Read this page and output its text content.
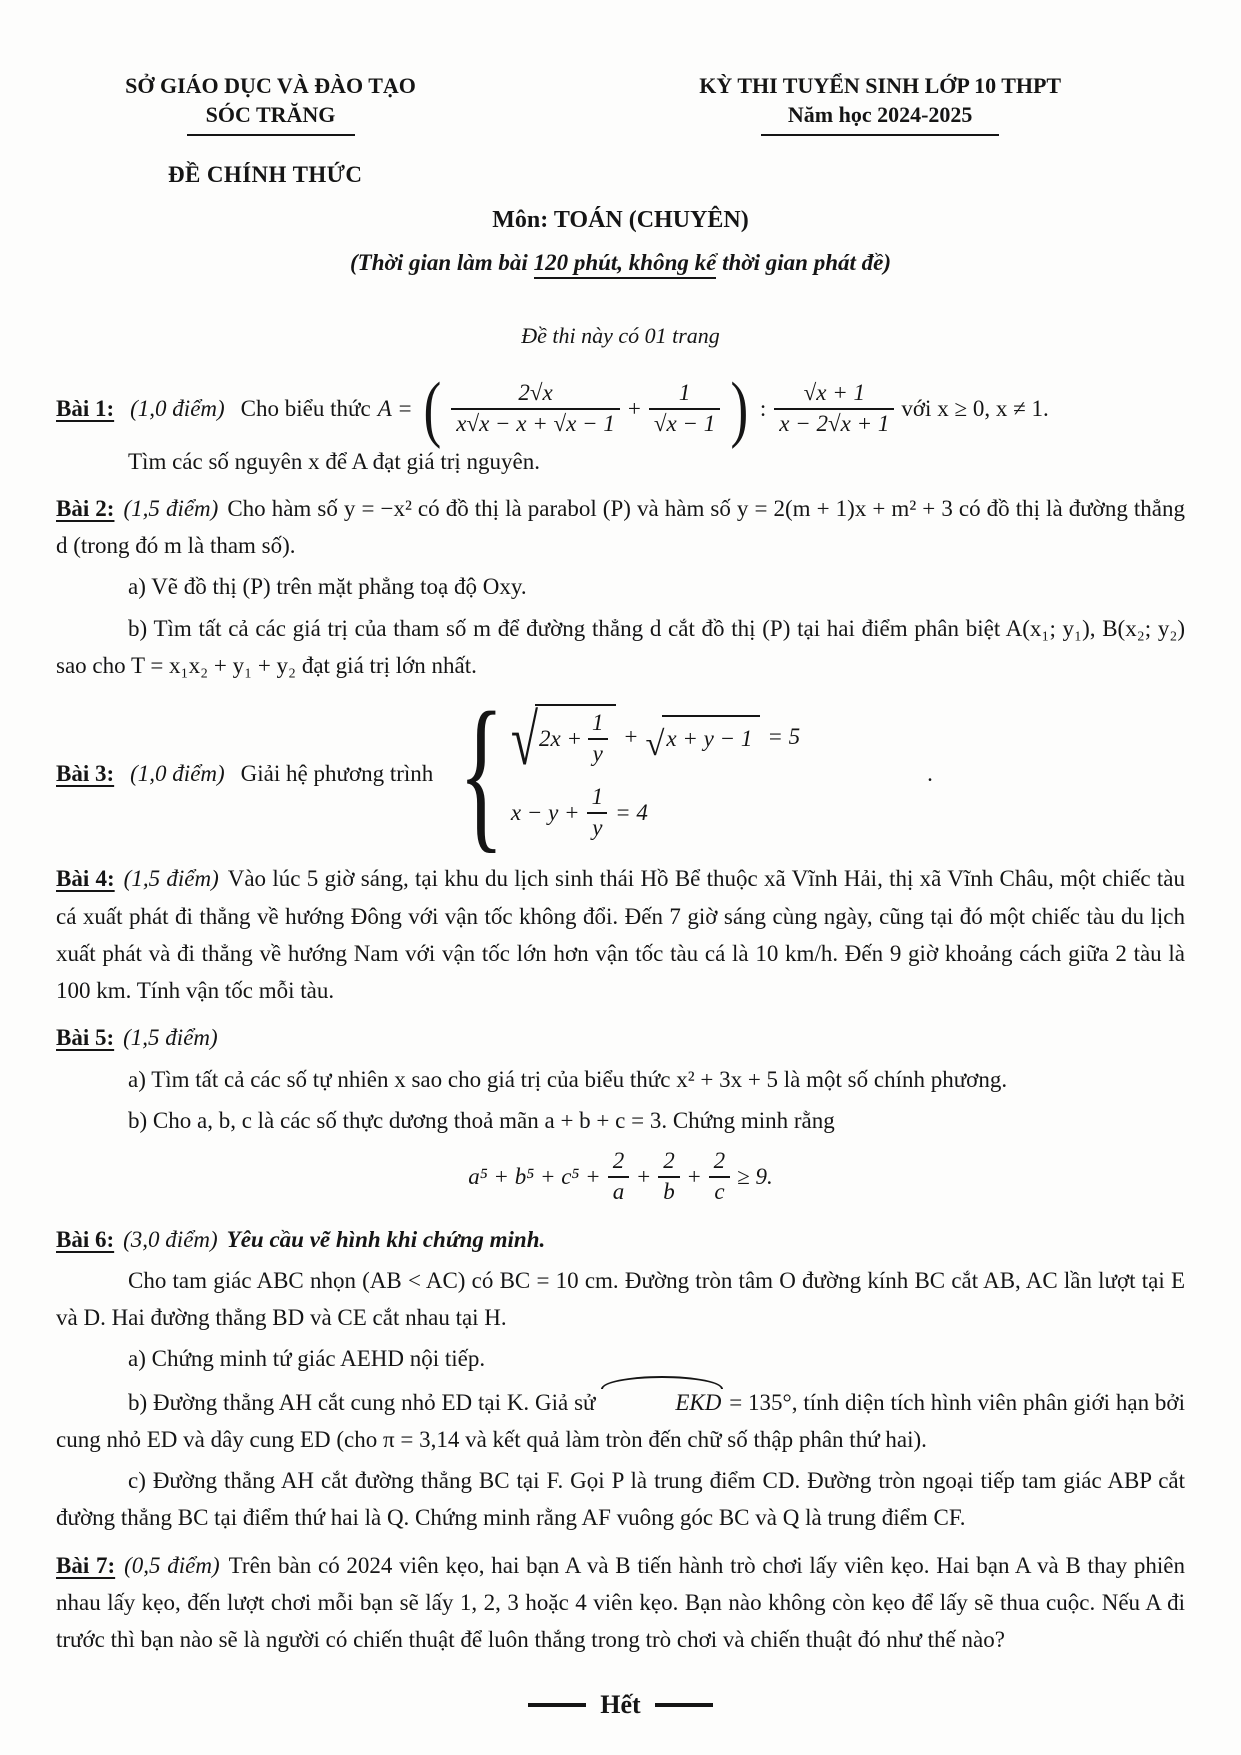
SỞ GIÁO DỤC VÀ ĐÀO TẠO
SÓC TRĂNG
KỲ THI TUYỂN SINH LỚP 10 THPT
Năm học 2024-2025
ĐỀ CHÍNH THỨC
Môn: TOÁN (CHUYÊN)
(Thời gian làm bài 120 phút, không kể thời gian phát đề)
Đề thi này có 01 trang
Bài 1: (1,0 điểm) Cho biểu thức A = ( $\frac{2√x}{x√x - x + √x - 1} + \frac{1}{√x - 1}$ ) : $\frac{√x + 1}{x - 2√x + 1}$ với x ≥ 0, x ≠ 1.

Tìm các số nguyên x để A đạt giá trị nguyên.

Bài 2: (1,5 điểm) Cho hàm số y = −x² có đồ thị là parabol (P) và hàm số y = 2(m + 1)x + m² + 3 có đồ thị là đường thẳng d (trong đó m là tham số).

a) Vẽ đồ thị (P) trên mặt phẳng toạ độ Oxy.

b) Tìm tất cả các giá trị của tham số m để đường thẳng d cắt đồ thị (P) tại hai điểm phân biệt A(x₁; y₁), B(x₂; y₂) sao cho T = x₁x₂ + y₁ + y₂ đạt giá trị lớn nhất.

Bài 3: (1,0 điểm) Giải hệ phương trình { √ $2x + \frac{1}{y}$ + √ x + y − 1 = 5
$x - y + \frac{1}{y} = 4$
.

Bài 4: (1,5 điểm) Vào lúc 5 giờ sáng, tại khu du lịch sinh thái Hồ Bể thuộc xã Vĩnh Hải, thị xã Vĩnh Châu, một chiếc tàu cá xuất phát đi thẳng về hướng Đông với vận tốc không đổi. Đến 7 giờ sáng cùng ngày, cũng tại đó một chiếc tàu du lịch xuất phát và đi thẳng về hướng Nam với vận tốc lớn hơn vận tốc tàu cá là 10 km/h. Đến 9 giờ khoảng cách giữa 2 tàu là 100 km. Tính vận tốc mỗi tàu.

Bài 5: (1,5 điểm)

a) Tìm tất cả các số tự nhiên x sao cho giá trị của biểu thức x² + 3x + 5 là một số chính phương.

b) Cho a, b, c là các số thực dương thoả mãn a + b + c = 3. Chứng minh rằng

$a^5 + b^5 + c^5 + \frac{2}{a} + \frac{2}{b} + \frac{2}{c} \ge 9$.

Bài 6: (3,0 điểm) Yêu cầu vẽ hình khi chứng minh.

Cho tam giác ABC nhọn (AB < AC) có BC = 10 cm. Đường tròn tâm O đường kính BC cắt AB, AC lần lượt tại E và D. Hai đường thẳng BD và CE cắt nhau tại H.

a) Chứng minh tứ giác AEHD nội tiếp.

b) Đường thẳng AH cắt cung nhỏ ED tại K. Giả sử	EKD = 135°, tính diện tích hình viên phân giới hạn bởi cung nhỏ ED và dây cung ED (cho π = 3,14 và kết quả làm tròn đến chữ số thập phân thứ hai).

c) Đường thẳng AH cắt đường thẳng BC tại F. Gọi P là trung điểm CD. Đường tròn ngoại tiếp tam giác ABP cắt đường thẳng BC tại điểm thứ hai là Q. Chứng minh rằng AF vuông góc BC và Q là trung điểm CF.

Bài 7: (0,5 điểm) Trên bàn có 2024 viên kẹo, hai bạn A và B tiến hành trò chơi lấy viên kẹo. Hai bạn A và B thay phiên nhau lấy kẹo, đến lượt chơi mỗi bạn sẽ lấy 1, 2, 3 hoặc 4 viên kẹo. Bạn nào không còn kẹo để lấy sẽ thua cuộc. Nếu A đi trước thì bạn nào sẽ là người có chiến thuật để luôn thắng trong trò chơi và chiến thuật đó như thế nào?

Hết
